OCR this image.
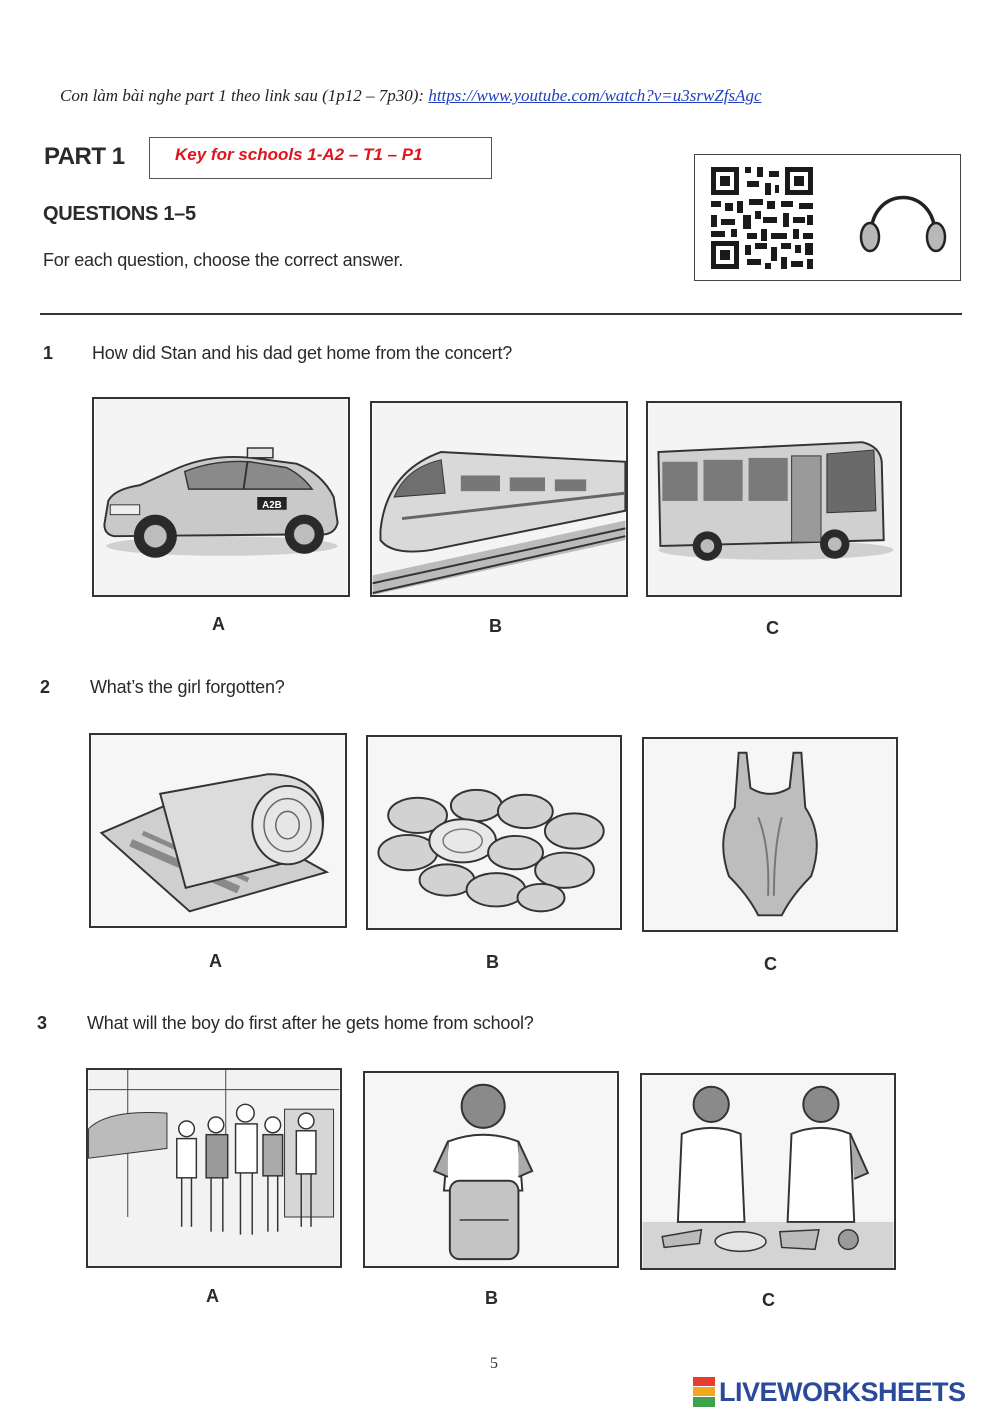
Con làm bài nghe part 1 theo link sau (1p12 – 7p30): https://www.youtube.com/watch?v=u3srwZfsAgc
PART 1	Key for schools 1-A2 – T1 – P1
QUESTIONS 1–5
For each question, choose the correct answer.
1 How did Stan and his dad get home from the concert?
A2B
A	B	C
2 What’s the girl forgotten?
A	B	C
3 What will the boy do first after he gets home from school?
A	B	C
5
LIVEWORKSHEETS
